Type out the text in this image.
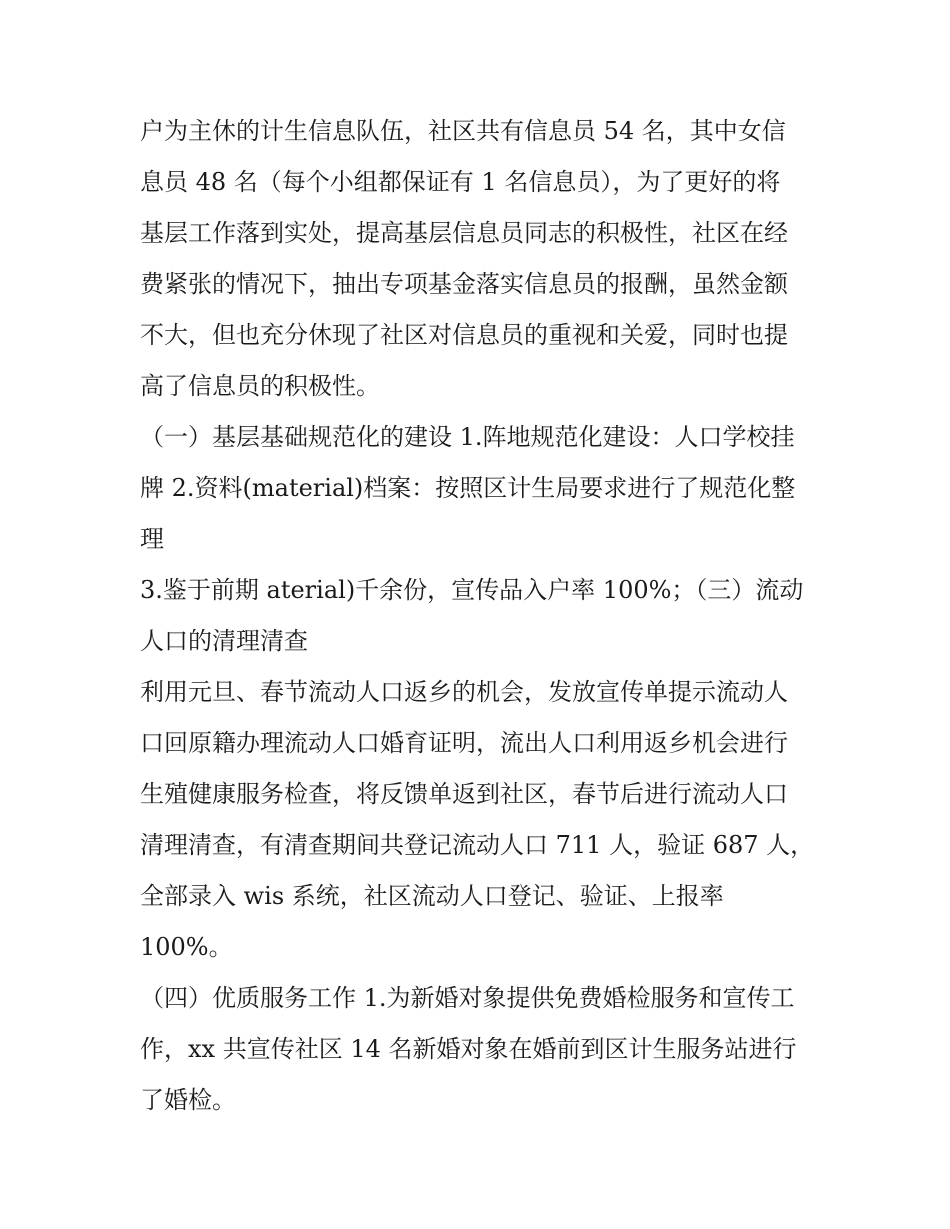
户为主休的计生信息队伍，社区共有信息员 54 名，其中女信
息员 48 名（每个小组都保证有 1 名信息员），为了更好的将
基层工作落到实处，提高基层信息员同志的积极性，社区在经
费紧张的情况下，抽出专项基金落实信息员的报酬，虽然金额
不大，但也充分休现了社区对信息员的重视和关爱，同时也提
高了信息员的积极性。
（一）基层基础规范化的建设 1.阵地规范化建设：人口学校挂
牌 2.资料(material)档案：按照区计生局要求进行了规范化整
理
3.鉴于前期 aterial)千余份，宣传品入户率 100%；（三）流动
人口的清理清查
利用元旦、春节流动人口返乡的机会，发放宣传单提示流动人
口回原籍办理流动人口婚育证明，流出人口利用返乡机会进行
生殖健康服务检查，将反馈单返到社区，春节后进行流动人口
清理清查，有清查期间共登记流动人口 711 人，验证 687 人，
全部录入 wis 系统，社区流动人口登记、验证、上报率
100%。
（四）优质服务工作 1.为新婚对象提供免费婚检服务和宣传工
作，xx 共宣传社区 14 名新婚对象在婚前到区计生服务站进行
了婚检。
